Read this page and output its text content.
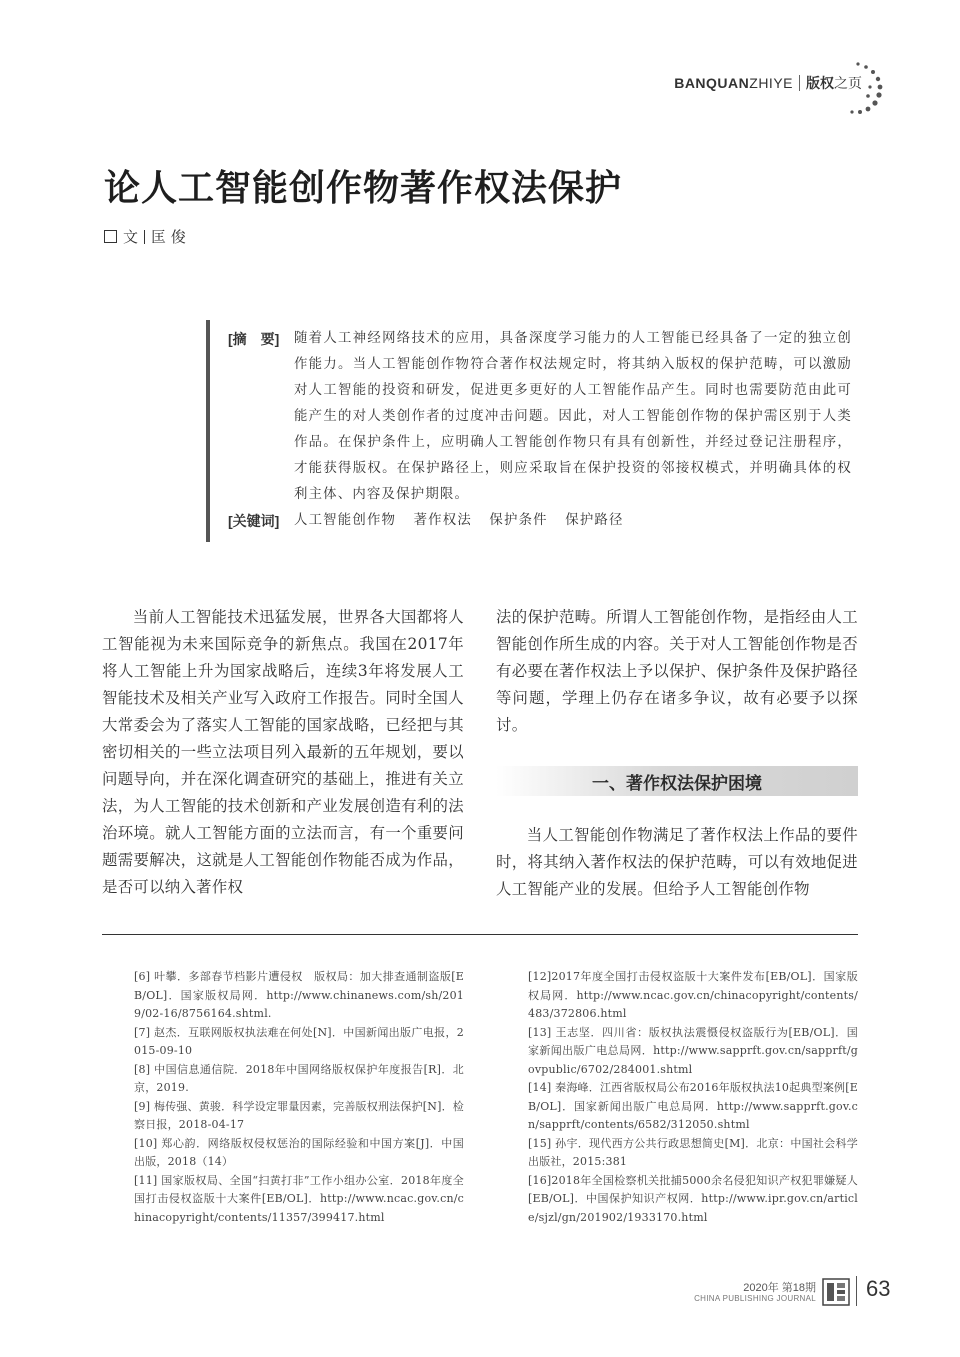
BANQUANZHIYE 版权之页
论人工智能创作物著作权法保护
文 匡 俊
[摘　要]	随着人工神经网络技术的应用，具备深度学习能力的人工智能已经具备了一定的独立创作能力。当人工智能创作物符合著作权法规定时，将其纳入版权的保护范畴，可以激励对人工智能的投资和研发，促进更多更好的人工智能作品产生。同时也需要防范由此可能产生的对人类创作者的过度冲击问题。因此，对人工智能创作物的保护需区别于人类作品。在保护条件上，应明确人工智能创作物只有具有创新性，并经过登记注册程序，才能获得版权。在保护路径上，则应采取旨在保护投资的邻接权模式，并明确具体的权利主体、内容及保护期限。
[关键词]	人工智能创作物 著作权法 保护条件 保护路径

当前人工智能技术迅猛发展，世界各大国都将人工智能视为未来国际竞争的新焦点。我国在2017年将人工智能上升为国家战略后，连续3年将发展人工智能技术及相关产业写入政府工作报告。同时全国人大常委会为了落实人工智能的国家战略，已经把与其密切相关的一些立法项目列入最新的五年规划，要以问题导向，并在深化调查研究的基础上，推进有关立法，为人工智能的技术创新和产业发展创造有利的法治环境。就人工智能方面的立法而言，有一个重要问题需要解决，这就是人工智能创作物能否成为作品，是否可以纳入著作权

法的保护范畴。所谓人工智能创作物，是指经由人工智能创作所生成的内容。关于对人工智能创作物是否有必要在著作权法上予以保护、保护条件及保护路径等问题，学理上仍存在诸多争议，故有必要予以探讨。

一、著作权法保护困境

当人工智能创作物满足了著作权法上作品的要件时，将其纳入著作权法的保护范畴，可以有效地促进人工智能产业的发展。但给予人工智能创作物

[6] 叶攀．多部春节档影片遭侵权　版权局：加大排查通制盗版[EB/OL]．国家版权局网．http://www.chinanews.com/sh/2019/02-16/8756164.shtml.
[7] 赵杰．互联网版权执法难在何处[N]．中国新闻出版广电报，2015-09-10
[8] 中国信息通信院．2018年中国网络版权保护年度报告[R]．北京，2019.
[9] 梅传强、黄骏．科学设定罪量因素，完善版权刑法保护[N]．检察日报，2018-04-17
[10] 郑心韵．网络版权侵权惩治的国际经验和中国方案[J]．中国出版，2018（14）
[11] 国家版权局、全国“扫黄打非”工作小组办公室．2018年度全国打击侵权盗版十大案件[EB/OL]．http://www.ncac.gov.cn/chinacopyright/contents/11357/399417.html
[12]2017年度全国打击侵权盗版十大案件发布[EB/OL]．国家版权局网．http://www.ncac.gov.cn/chinacopyright/contents/483/372806.html
[13] 王志坚．四川省：版权执法震慑侵权盗版行为[EB/OL]．国家新闻出版广电总局网．http://www.sapprft.gov.cn/sapprft/govpublic/6702/284001.shtml
[14] 秦海峰．江西省版权局公布2016年版权执法10起典型案例[EB/OL]．国家新闻出版广电总局网．http://www.sapprft.gov.cn/sapprft/contents/6582/312050.shtml
[15] 孙宇．现代西方公共行政思想简史[M]．北京：中国社会科学出版社，2015:381
[16]2018年全国检察机关批捕5000余名侵犯知识产权犯罪嫌疑人[EB/OL]．中国保护知识产权网．http://www.ipr.gov.cn/article/sjzl/gn/201902/1933170.html
2020年 第18期
CHINA PUBLISHING JOURNAL 63
